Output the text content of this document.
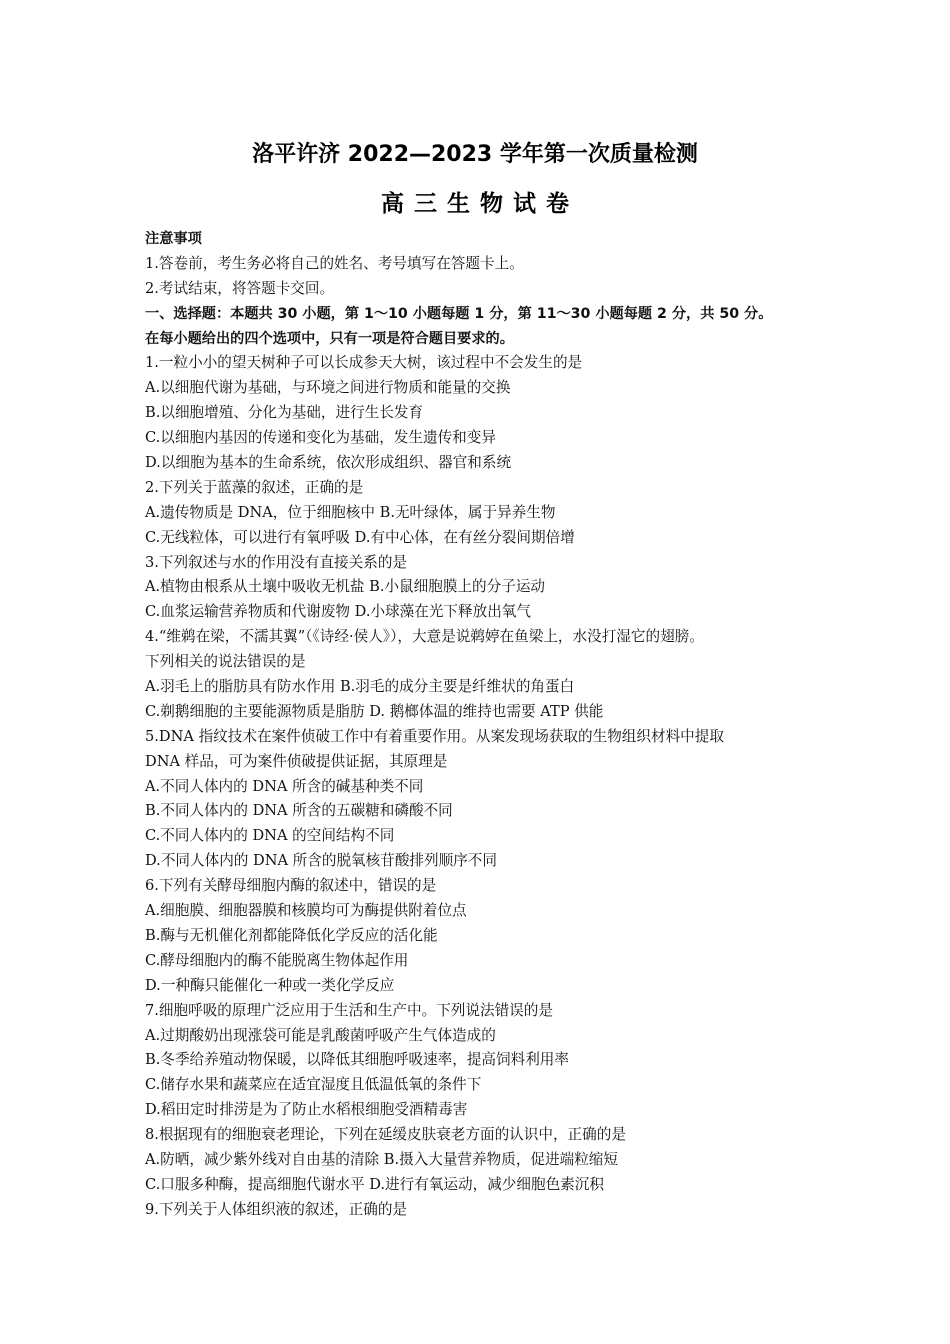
洛平许济 2022—2023 学年第一次质量检测
高三生物试卷
注意事项
1.答卷前，考生务必将自己的姓名、考号填写在答题卡上。
2.考试结束，将答题卡交回。
一、选择题：本题共 30 小题，第 1～10 小题每题 1 分，第 11～30 小题每题 2 分，共 50 分。
在每小题给出的四个选项中，只有一项是符合题目要求的。
1.一粒小小的望天树种子可以长成参天大树，该过程中不会发生的是
A.以细胞代谢为基础，与环境之间进行物质和能量的交换
B.以细胞增殖、分化为基础，进行生长发育
C.以细胞内基因的传递和变化为基础，发生遗传和变异
D.以细胞为基本的生命系统，依次形成组织、器官和系统
2.下列关于蓝藻的叙述，正确的是
A.遗传物质是 DNA，位于细胞核中 B.无叶绿体，属于异养生物
C.无线粒体，可以进行有氧呼吸 D.有中心体，在有丝分裂间期倍增
3.下列叙述与水的作用没有直接关系的是
A.植物由根系从土壤中吸收无机盐 B.小鼠细胞膜上的分子运动
C.血浆运输营养物质和代谢废物 D.小球藻在光下释放出氧气
4.“维鹈在梁，不濡其翼”（《诗经·侯人》），大意是说鹈婷在鱼梁上，水没打湿它的翅膀。
下列相关的说法错误的是
A.羽毛上的脂肪具有防水作用 B.羽毛的成分主要是纤维状的角蛋白
C.剃鹅细胞的主要能源物质是脂肪 D. 鹅榔体温的维持也需要 ATP 供能
5.DNA 指纹技术在案件侦破工作中有着重要作用。从案发现场获取的生物组织材料中提取
DNA 样品，可为案件侦破提供证据，其原理是
A.不同人体内的 DNA 所含的碱基种类不同
B.不同人体内的 DNA 所含的五碳糖和磷酸不同
C.不同人体内的 DNA 的空间结构不同
D.不同人体内的 DNA 所含的脱氧核苷酸排列顺序不同
6.下列有关酵母细胞内酶的叙述中，错误的是
A.细胞膜、细胞器膜和核膜均可为酶提供附着位点
B.酶与无机催化剂都能降低化学反应的活化能
C.酵母细胞内的酶不能脱离生物体起作用
D.一种酶只能催化一种或一类化学反应
7.细胞呼吸的原理广泛应用于生活和生产中。下列说法错误的是
A.过期酸奶出现涨袋可能是乳酸菌呼吸产生气体造成的
B.冬季给养殖动物保暖，以降低其细胞呼吸速率，提高饲料利用率
C.储存水果和蔬菜应在适宜湿度且低温低氧的条件下
D.稻田定时排涝是为了防止水稻根细胞受酒精毒害
8.根据现有的细胞衰老理论，下列在延缓皮肤衰老方面的认识中，正确的是
A.防晒，减少紫外线对自由基的清除 B.摄入大量营养物质，促进端粒缩短
C.口服多种酶，提高细胞代谢水平 D.进行有氧运动，减少细胞色素沉积
9.下列关于人体组织液的叙述，正确的是
